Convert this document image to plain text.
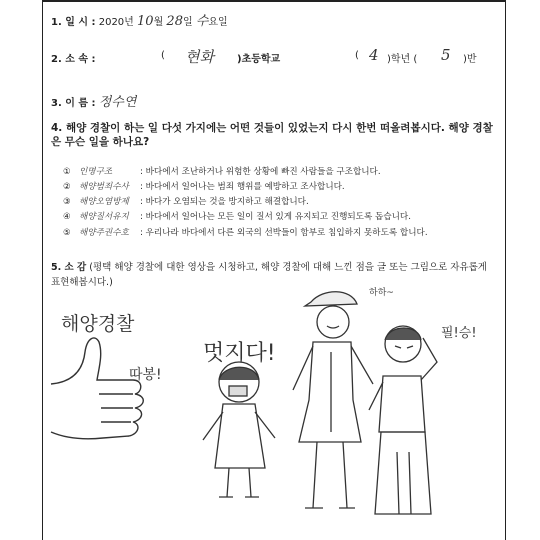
1. 일 시 : 2020년 10월 28일 수요일
2. 소 속 :	( 현화 )초등학교	( 4 )학년 ( 5 )반
3. 이 름 : 정수연
4. 해양 경찰이 하는 일 다섯 가지에는 어떤 것들이 있었는지 다시 한번 떠올려봅시다. 해양 경찰은 무슨 일을 하나요?
① 인명구조	: 바다에서 조난하거나 위험한 상황에 빠진 사람들을 구조합니다.
② 해양범죄수사 : 바다에서 일어나는 범죄 행위를 예방하고 조사합니다.
③ 해양오염방제 : 바다가 오염되는 것을 방지하고 해결합니다.
④ 해양질서유지 : 바다에서 일어나는 모든 일이 질서 있게 유지되고 진행되도록 돕습니다.
⑤ 해양주권수호 : 우리나라 바다에서 다른 외국의 선박들이 함부로 침입하지 못하도록 합니다.
5. 소 감 (평택 해양 경찰에 대한 영상을 시청하고, 해양 경찰에 대해 느낀 점을 글 또는 그림으로 자유롭게 표현해봅시다.)
해양경찰
따봉!
멋지다!
하하~
필!승!
